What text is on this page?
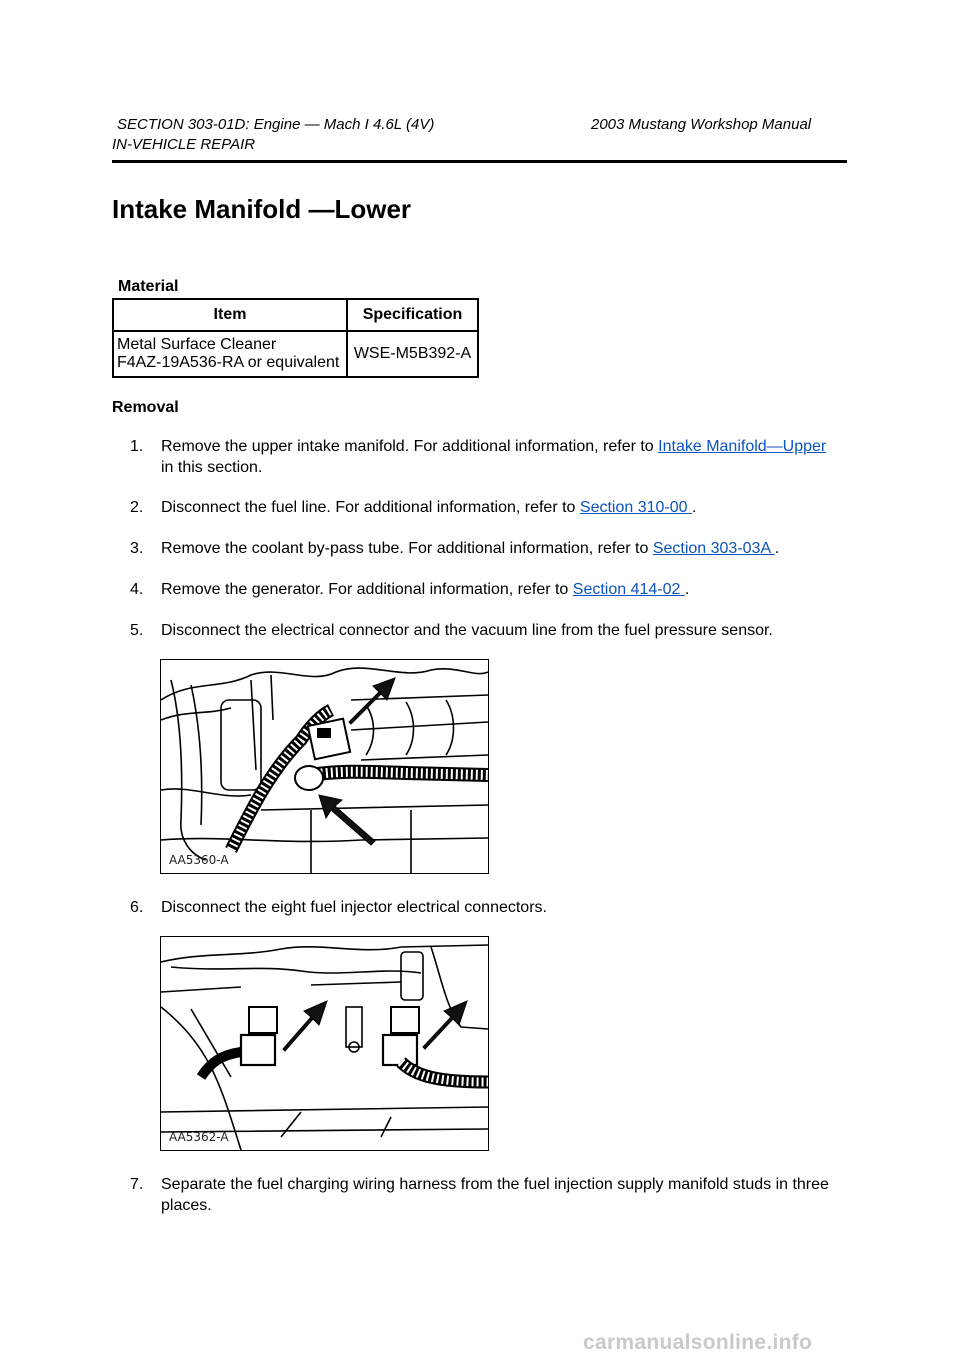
SECTION 303-01D: Engine — Mach I 4.6L (4V)	2003 Mustang Workshop Manual
IN-VEHICLE REPAIR
Intake Manifold —Lower
Material
Item	Specification

Metal Surface Cleaner
F4AZ-19A536-RA or equivalent	WSE-M5B392-A
Removal
1. Remove the upper intake manifold. For additional information, refer to Intake Manifold—Upper
in this section.
2. Disconnect the fuel line. For additional information, refer to Section 310-00 .
3. Remove the coolant by-pass tube. For additional information, refer to Section 303-03A .
4. Remove the generator. For additional information, refer to Section 414-02 .
5. Disconnect the electrical connector and the vacuum line from the fuel pressure sensor.
AA5360-A
6. Disconnect the eight fuel injector electrical connectors.
AA5362-A
7. Separate the fuel charging wiring harness from the fuel injection supply manifold studs in three
places.
carmanualsonline.info
